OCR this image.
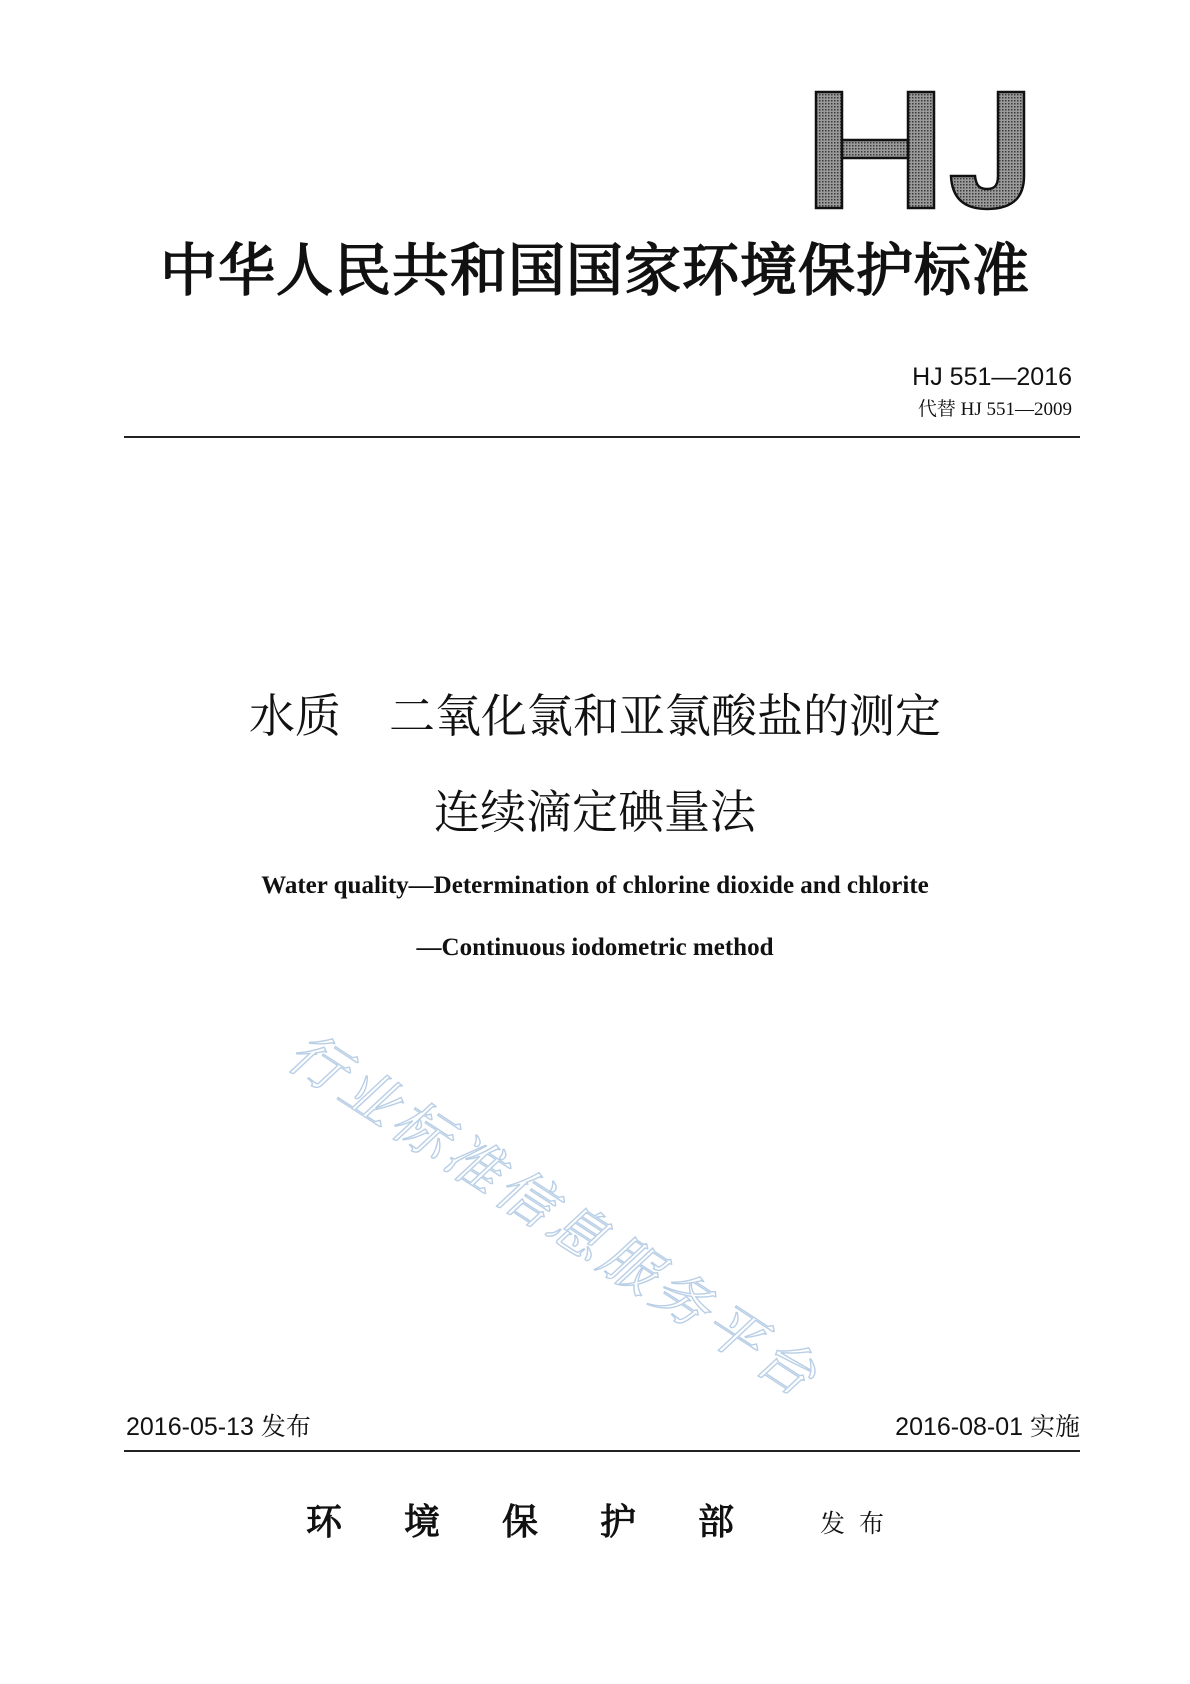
HJ
中华人民共和国国家环境保护标准
HJ 551—2016
代替 HJ 551—2009
水质 二氧化氯和亚氯酸盐的测定
连续滴定碘量法
Water quality—Determination of chlorine dioxide and chlorite
—Continuous iodometric method
行业标准信息服务平台
2016-05-13 发布	2016-08-01 实施
环境保护部 发布
